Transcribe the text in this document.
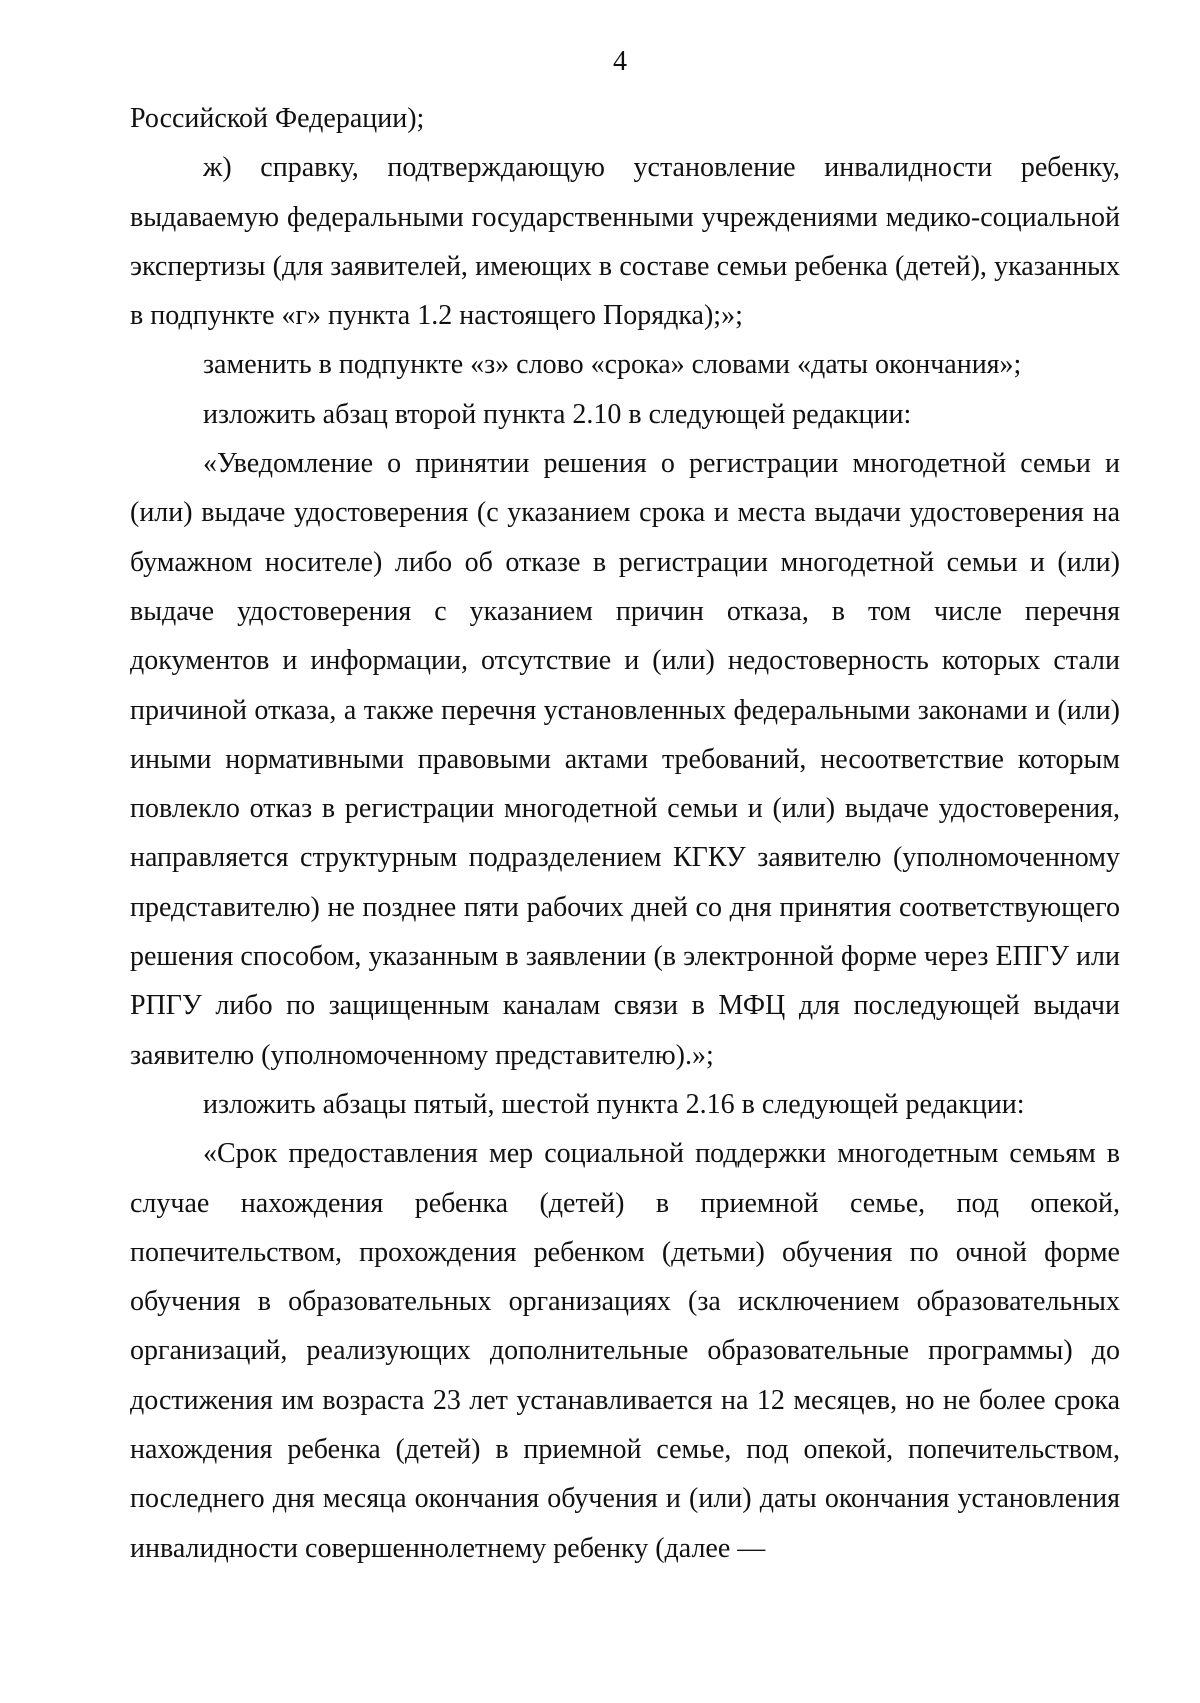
4

Российской Федерации);

ж) справку, подтверждающую установление инвалидности ребенку, выдаваемую федеральными государственными учреждениями медико-социальной экспертизы (для заявителей, имеющих в составе семьи ребенка (детей), указанных в подпункте «г» пункта 1.2 настоящего Порядка);»;

заменить в подпункте «з» слово «срока» словами «даты окончания»;

изложить абзац второй пункта 2.10 в следующей редакции:

«Уведомление о принятии решения о регистрации многодетной семьи и (или) выдаче удостоверения (с указанием срока и места выдачи удостоверения на бумажном носителе) либо об отказе в регистрации многодетной семьи и (или) выдаче удостоверения с указанием причин отказа, в том числе перечня документов и информации, отсутствие и (или) недостоверность которых стали причиной отказа, а также перечня установленных федеральными законами и (или) иными нормативными правовыми актами требований, несоответствие которым повлекло отказ в регистрации многодетной семьи и (или) выдаче удостоверения, направляется структурным подразделением КГКУ заявителю (уполномоченному представителю) не позднее пяти рабочих дней со дня принятия соответствующего решения способом, указанным в заявлении (в электронной форме через ЕПГУ или РПГУ либо по защищенным каналам связи в МФЦ для последующей выдачи заявителю (уполномоченному представителю).»;

изложить абзацы пятый, шестой пункта 2.16 в следующей редакции:

«Срок предоставления мер социальной поддержки многодетным семьям в случае нахождения ребенка (детей) в приемной семье, под опекой, попечительством, прохождения ребенком (детьми) обучения по очной форме обучения в образовательных организациях (за исключением образовательных организаций, реализующих дополнительные образовательные программы) до достижения им возраста 23 лет устанавливается на 12 месяцев, но не более срока нахождения ребенка (детей) в приемной семье, под опекой, попечительством, последнего дня месяца окончания обучения и (или) даты окончания установления инвалидности совершеннолетнему ребенку (далее —
